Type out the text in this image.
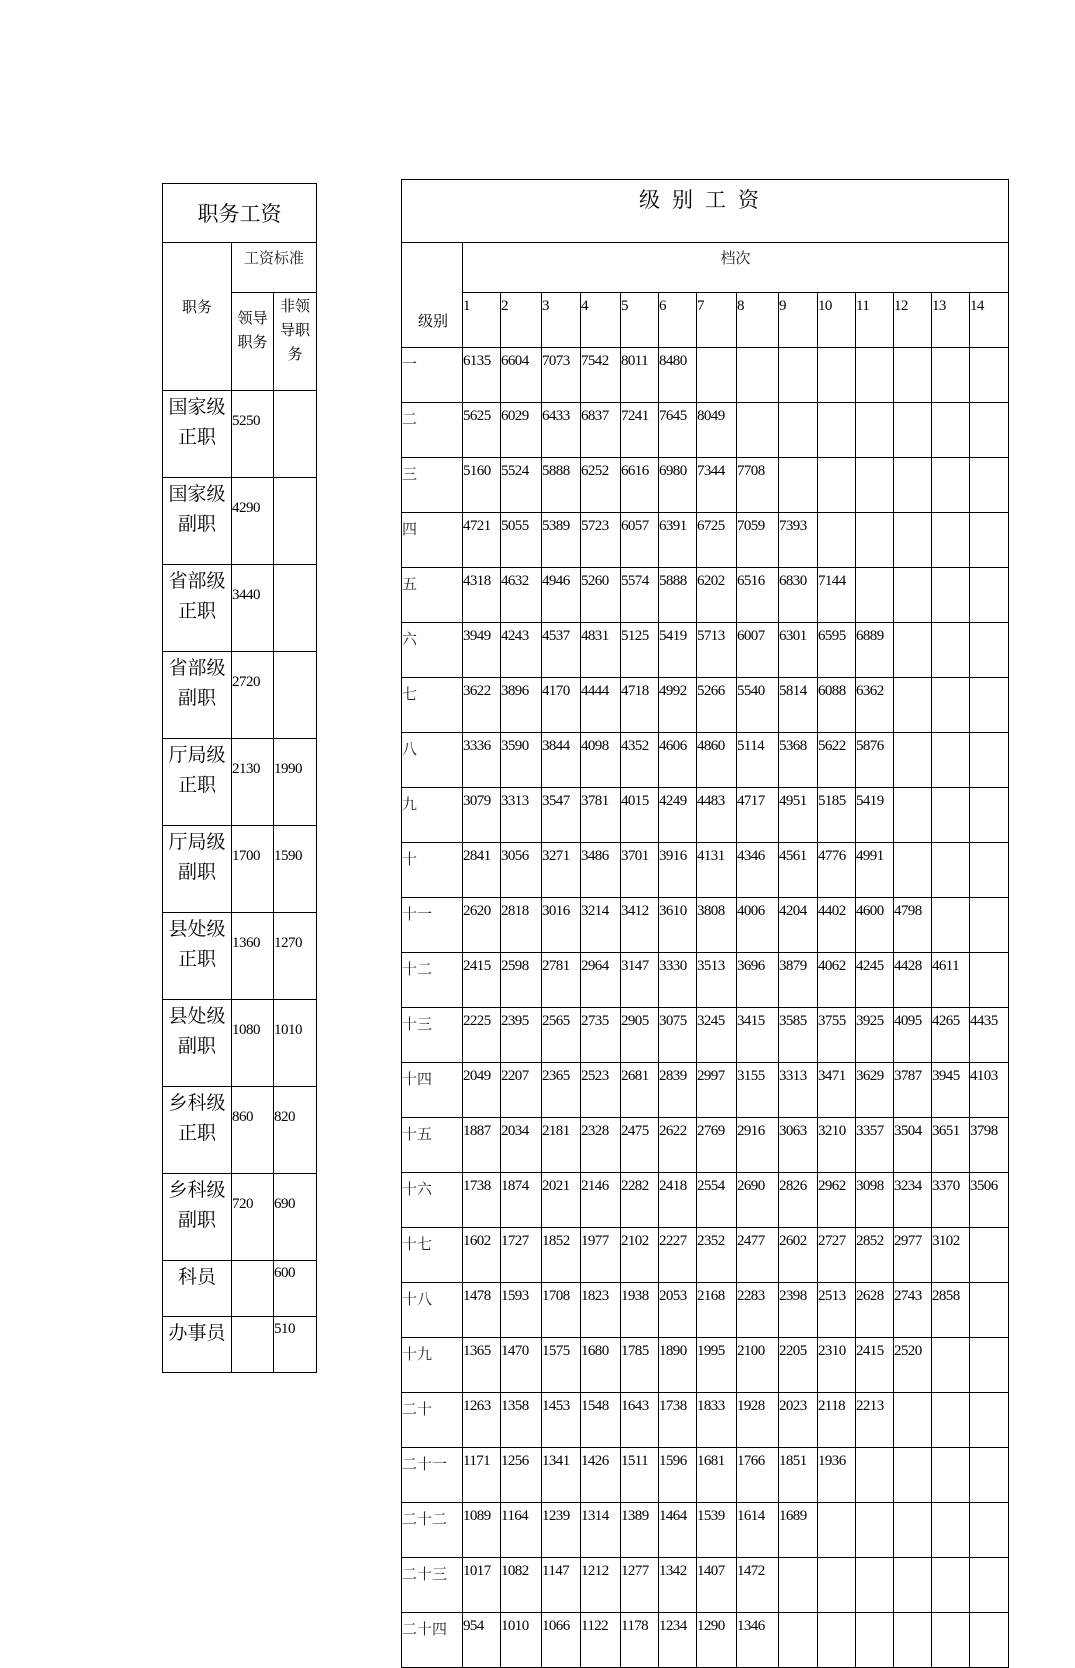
职务工资		
职务	工资标准	
	领导职务	非领导职务
国家级正职	5250	
国家级副职	4290	
省部级正职	3440	
省部级副职	2720	
厅局级正职	2130	1990
厅局级副职	1700	1590
县处级正职	1360	1270
县处级副职	1080	1010
乡科级正职	860	820
乡科级副职	720	690
科员		600
办事员		510
级别工资														
级别	档次													
	1	2	3	4	5	6	7	8	9	10	11	12	13	14
一	6135	6604	7073	7542	8011	8480								
二	5625	6029	6433	6837	7241	7645	8049							
三	5160	5524	5888	6252	6616	6980	7344	7708						
四	4721	5055	5389	5723	6057	6391	6725	7059	7393					
五	4318	4632	4946	5260	5574	5888	6202	6516	6830	7144				
六	3949	4243	4537	4831	5125	5419	5713	6007	6301	6595	6889			
七	3622	3896	4170	4444	4718	4992	5266	5540	5814	6088	6362			
八	3336	3590	3844	4098	4352	4606	4860	5114	5368	5622	5876			
九	3079	3313	3547	3781	4015	4249	4483	4717	4951	5185	5419			
十	2841	3056	3271	3486	3701	3916	4131	4346	4561	4776	4991			
十一	2620	2818	3016	3214	3412	3610	3808	4006	4204	4402	4600	4798		
十二	2415	2598	2781	2964	3147	3330	3513	3696	3879	4062	4245	4428	4611	
十三	2225	2395	2565	2735	2905	3075	3245	3415	3585	3755	3925	4095	4265	4435
十四	2049	2207	2365	2523	2681	2839	2997	3155	3313	3471	3629	3787	3945	4103
十五	1887	2034	2181	2328	2475	2622	2769	2916	3063	3210	3357	3504	3651	3798
十六	1738	1874	2021	2146	2282	2418	2554	2690	2826	2962	3098	3234	3370	3506
十七	1602	1727	1852	1977	2102	2227	2352	2477	2602	2727	2852	2977	3102	
十八	1478	1593	1708	1823	1938	2053	2168	2283	2398	2513	2628	2743	2858	
十九	1365	1470	1575	1680	1785	1890	1995	2100	2205	2310	2415	2520		
二十	1263	1358	1453	1548	1643	1738	1833	1928	2023	2118	2213			
二十一	1171	1256	1341	1426	1511	1596	1681	1766	1851	1936				
二十二	1089	1164	1239	1314	1389	1464	1539	1614	1689					
二十三	1017	1082	1147	1212	1277	1342	1407	1472						
二十四	954	1010	1066	1122	1178	1234	1290	1346						
